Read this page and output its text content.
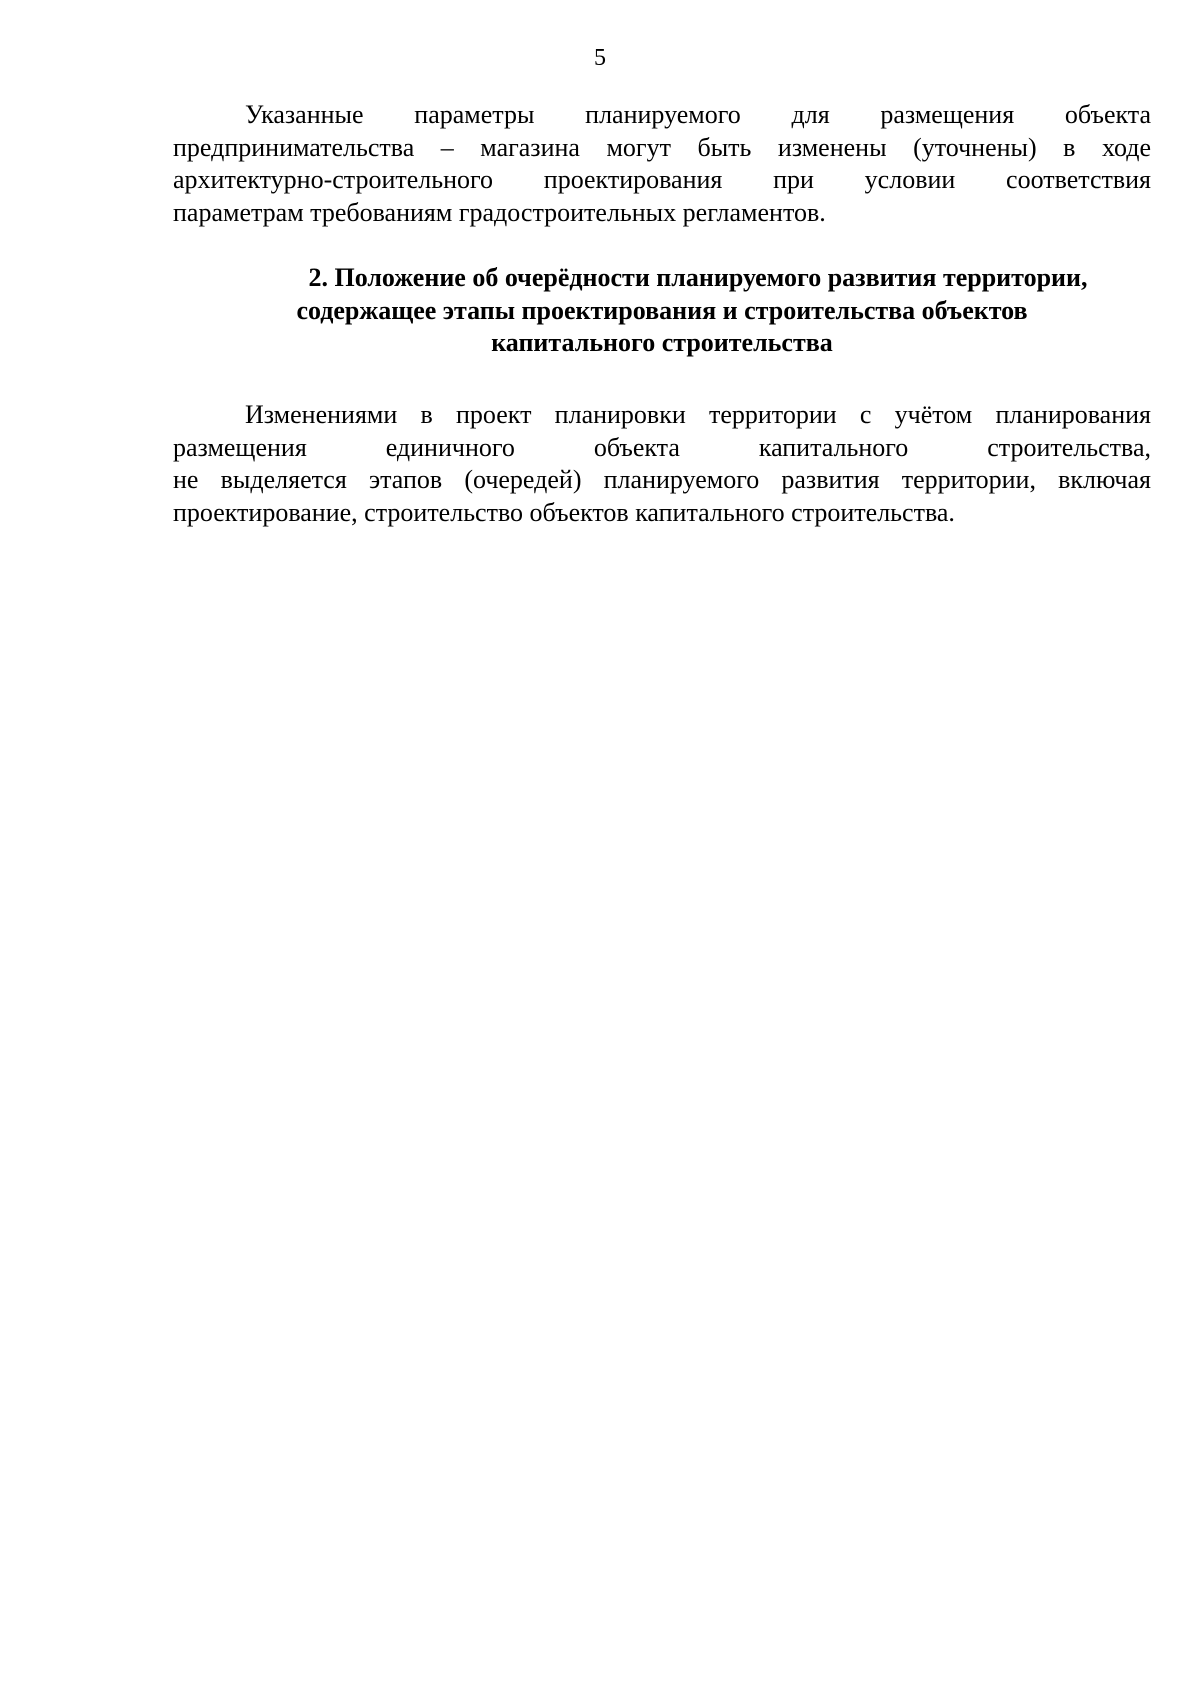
5

Указанные параметры планируемого для размещения объекта
предпринимательства – магазина могут быть изменены (уточнены) в ходе
архитектурно-строительного проектирования при условии соответствия
параметрам требованиям градостроительных регламентов.

2. Положение об очерёдности планируемого развития территории,
содержащее этапы проектирования и строительства объектов
капитального строительства

Изменениями в проект планировки территории с учётом планирования
размещения единичного объекта капитального строительства,
не выделяется этапов (очередей) планируемого развития территории, включая
проектирование, строительство объектов капитального строительства.
